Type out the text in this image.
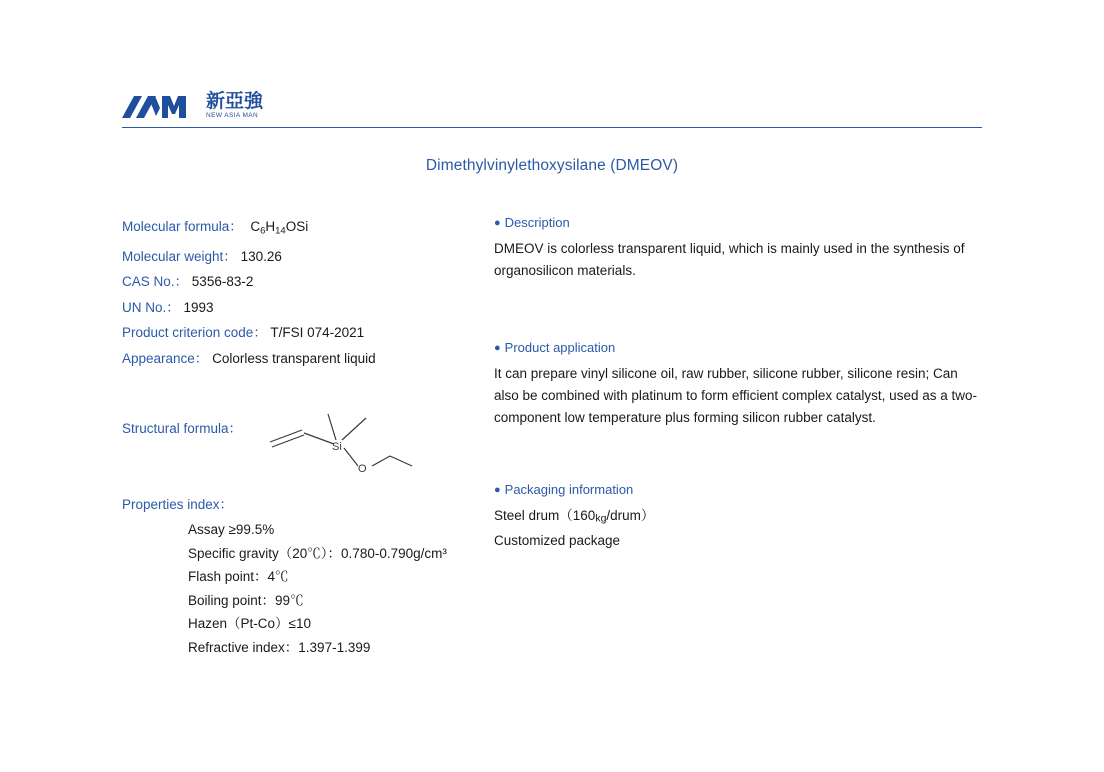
新亞強
NEW ASIA MAN
Dimethylvinylethoxysilane (DMEOV)
Molecular formula：  $C_6H_{14}OSi$
Molecular weight： 130.26
CAS No.： 5356-83-2
UN No.： 1993
Product criterion code： T/FSI 074-2021
Appearance： Colorless transparent liquid
Structural formula：
Si
O
Properties index：
Assay ≥99.5%
Specific gravity（20℃）：0.780-0.790g/cm³
Flash point：4℃
Boiling point：99℃
Hazen（Pt-Co）≤10
Refractive index：1.397-1.399
● Description

DMEOV is colorless transparent liquid, which is mainly used in the synthesis of organosilicon materials.

● Product application

It can prepare vinyl silicone oil, raw rubber, silicone rubber, silicone resin; Can also be combined with platinum to form efficient complex catalyst, used as a two-component low temperature plus forming silicon rubber catalyst.

● Packaging information

Steel drum（160kg/drum）

Customized package
